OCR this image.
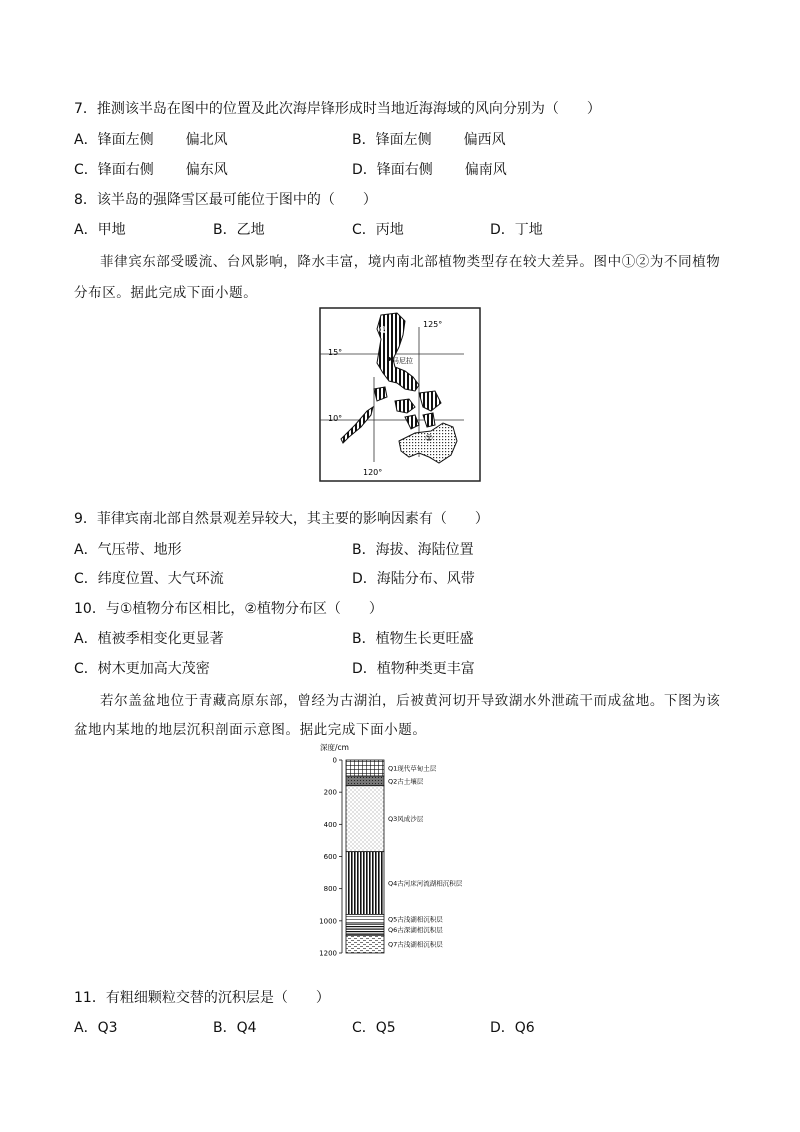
7．推测该半岛在图中的位置及此次海岸锋形成时当地近海海域的风向分别为（　　）
A．锋面左侧 偏北风	B．锋面左侧 偏西风
C．锋面右侧 偏东风	D．锋面右侧 偏南风
8．该半岛的强降雪区最可能位于图中的（　　）
A．甲地	B．乙地	C．丙地	D．丁地
菲律宾东部受暖流、台风影响，降水丰富，境内南北部植物类型存在较大差异。图中①②为不同植物
分布区。据此完成下面小题。
125°
15°
10°
120°
马尼拉
②
①
9．菲律宾南北部自然景观差异较大，其主要的影响因素有（　　）
A．气压带、地形	B．海拔、海陆位置
C．纬度位置、大气环流	D．海陆分布、风带
10．与①植物分布区相比，②植物分布区（　　）
A．植被季相变化更显著	B．植物生长更旺盛
C．树木更加高大茂密	D．植物种类更丰富
若尔盖盆地位于青藏高原东部，曾经为古湖泊，后被黄河切开导致湖水外泄疏干而成盆地。下图为该
盆地内某地的地层沉积剖面示意图。据此完成下面小题。
深度/cm
0
200
400
600
800
1000
1200
Q1现代草甸土层
Q2古土壤层
Q3风成沙层
Q4古河床河流湖相沉积层
Q5古浅湖相沉积层
Q6古深湖相沉积层
Q7古浅湖相沉积层
11．有粗细颗粒交替的沉积层是（　　）
A．Q3	B．Q4	C．Q5	D．Q6
